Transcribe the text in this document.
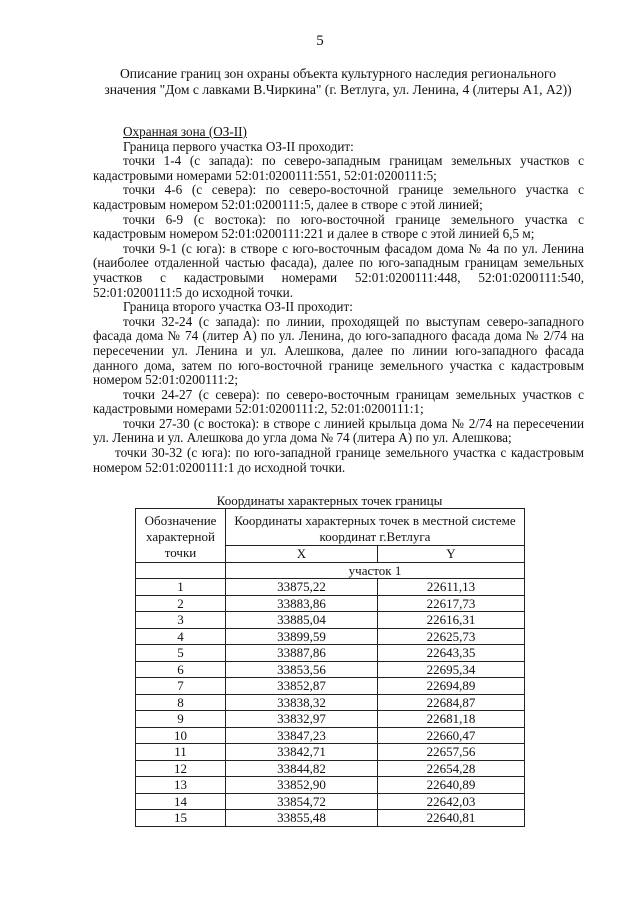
5
Описание границ зон охраны объекта культурного наследия регионального значения "Дом с лавками В.Чиркина" (г. Ветлуга, ул. Ленина, 4 (литеры А1, А2))

Охранная зона (ОЗ-II)

Граница первого участка ОЗ-II проходит:

точки 1-4 (с запада): по северо-западным границам земельных участков с кадастровыми номерами 52:01:0200111:551, 52:01:0200111:5;

точки 4-6 (с севера): по северо-восточной границе земельного участка с кадастровым номером 52:01:0200111:5, далее в створе с этой линией;

точки 6-9 (с востока): по юго-восточной границе земельного участка с кадастровым номером 52:01:0200111:221 и далее в створе с этой линией 6,5 м;

точки 9-1 (с юга): в створе с юго-восточным фасадом дома № 4а по ул. Ленина (наиболее отдаленной частью фасада), далее по юго-западным границам земельных участков с кадастровыми номерами 52:01:0200111:448, 52:01:0200111:540, 52:01:0200111:5 до исходной точки.

Граница второго участка ОЗ-II проходит:

точки 32-24 (с запада): по линии, проходящей по выступам северо-западного фасада дома № 74 (литер А) по ул. Ленина, до юго-западного фасада дома № 2/74 на пересечении ул. Ленина и ул. Алешкова, далее по линии юго-западного фасада данного дома, затем по юго-восточной границе земельного участка с кадастровым номером 52:01:0200111:2;

точки 24-27 (с севера): по северо-восточным границам земельных участков с кадастровыми номерами 52:01:0200111:2, 52:01:0200111:1;

точки 27-30 (с востока): в створе с линией крыльца дома № 2/74 на пересечении ул. Ленина и ул. Алешкова до угла дома № 74 (литера А) по ул. Алешкова;

точки 30-32 (с юга): по юго-западной границе земельного участка с кадастровым номером 52:01:0200111:1 до исходной точки.

Координаты характерных точек границы
Обозначение характерной точки	Координаты характерных точек в местной системе координат г.Ветлуга	
	X	Y
	участок 1	
1	33875,22	22611,13
2	33883,86	22617,73
3	33885,04	22616,31
4	33899,59	22625,73
5	33887,86	22643,35
6	33853,56	22695,34
7	33852,87	22694,89
8	33838,32	22684,87
9	33832,97	22681,18
10	33847,23	22660,47
11	33842,71	22657,56
12	33844,82	22654,28
13	33852,90	22640,89
14	33854,72	22642,03
15	33855,48	22640,81
